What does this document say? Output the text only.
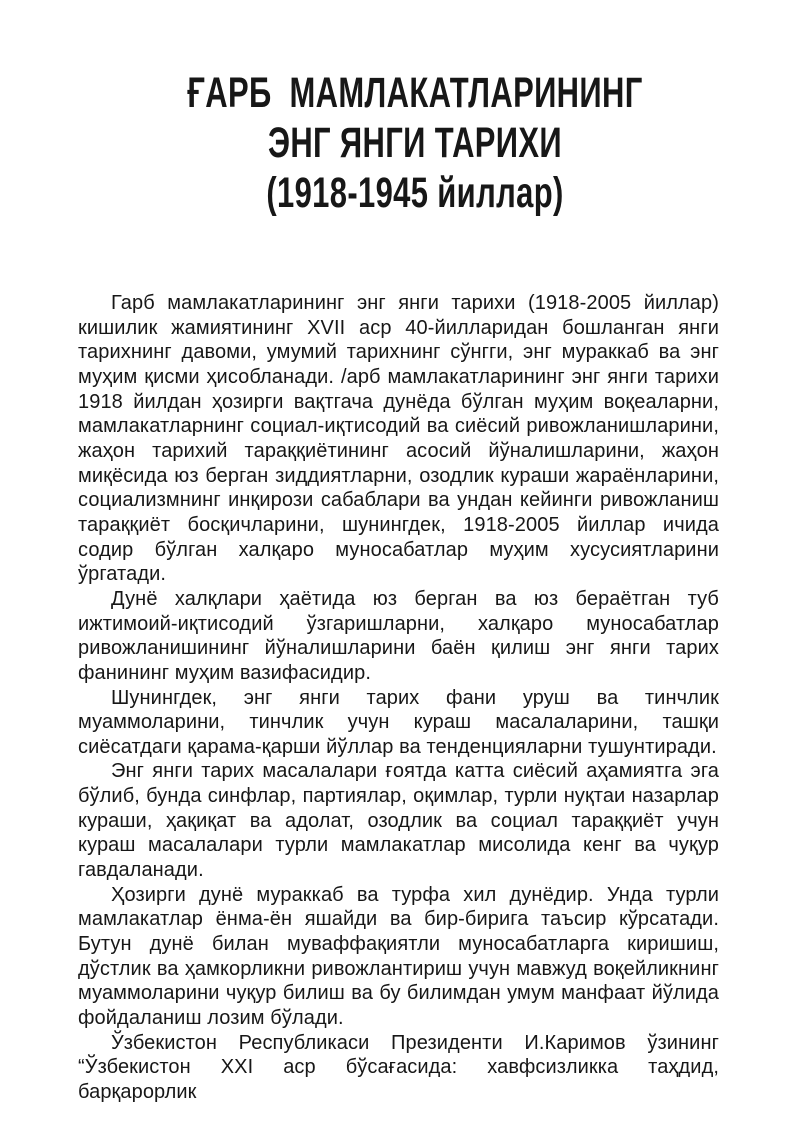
ҒАРБ  МАМЛАКАТЛАРИНИНГ
ЭНГ ЯНГИ ТАРИХИ
(1918-1945 йиллар)

Гарб мамлакатларининг энг янги тарихи (1918-2005 йиллар) кишилик жамиятининг XVII аср 40-йилларидан бошланган янги тарихнинг давоми, умумий тарихнинг сўнгги, энг мураккаб ва энг муҳим қисми ҳисобланади. /арб мамлакатларининг энг янги тарихи 1918 йилдан ҳозирги вақтгача дунёда бўлган муҳим воқеаларни, мамлакатларнинг социал-иқтисодий ва сиёсий ривожланишларини, жаҳон тарихий тараққиётининг асосий йўналишларини, жаҳон миқёсида юз берган зиддиятларни, озодлик кураши жараёнларини, социализмнинг инқирози сабаблари ва ундан кейинги ривожланиш тараққиёт босқичларини, шунингдек, 1918-2005 йиллар ичида содир бўлган халқаро муносабатлар муҳим хусусиятларини ўргатади.

Дунё халқлари ҳаётида юз берган ва юз бераётган туб ижтимоий-иқтисодий ўзгаришларни, халқаро муносабатлар ривожланишининг йўналишларини баён қилиш энг янги тарих фанининг муҳим вазифасидир.

Шунингдек, энг янги тарих фани уруш ва тинчлик муаммоларини, тинчлик учун кураш масалаларини, ташқи сиёсатдаги қарама-қарши йўллар ва тенденцияларни тушунтиради.

Энг янги тарих масалалари ғоятда катта сиёсий аҳамиятга эга бўлиб, бунда синфлар, партиялар, оқимлар, турли нуқтаи назарлар кураши, ҳақиқат ва адолат, озодлик ва социал тараққиёт учун кураш масалалари турли мамлакатлар мисолида кенг ва чуқур гавдаланади.

Ҳозирги дунё мураккаб ва турфа хил дунёдир. Унда турли мамлакатлар ёнма-ён яшайди ва бир-бирига таъсир кўрсатади. Бутун дунё билан муваффақиятли муносабатларга киришиш, дўстлик ва ҳамкорликни ривожлантириш учун мавжуд воқейликнинг муаммоларини чуқур билиш ва бу билимдан умум манфаат йўлида фойдаланиш лозим бўлади.

Ўзбекистон Республикаси Президенти И.Каримов ўзининг “Ўзбекистон XXI аср бўсағасида: хавфсизликка таҳдид, барқарорлик
